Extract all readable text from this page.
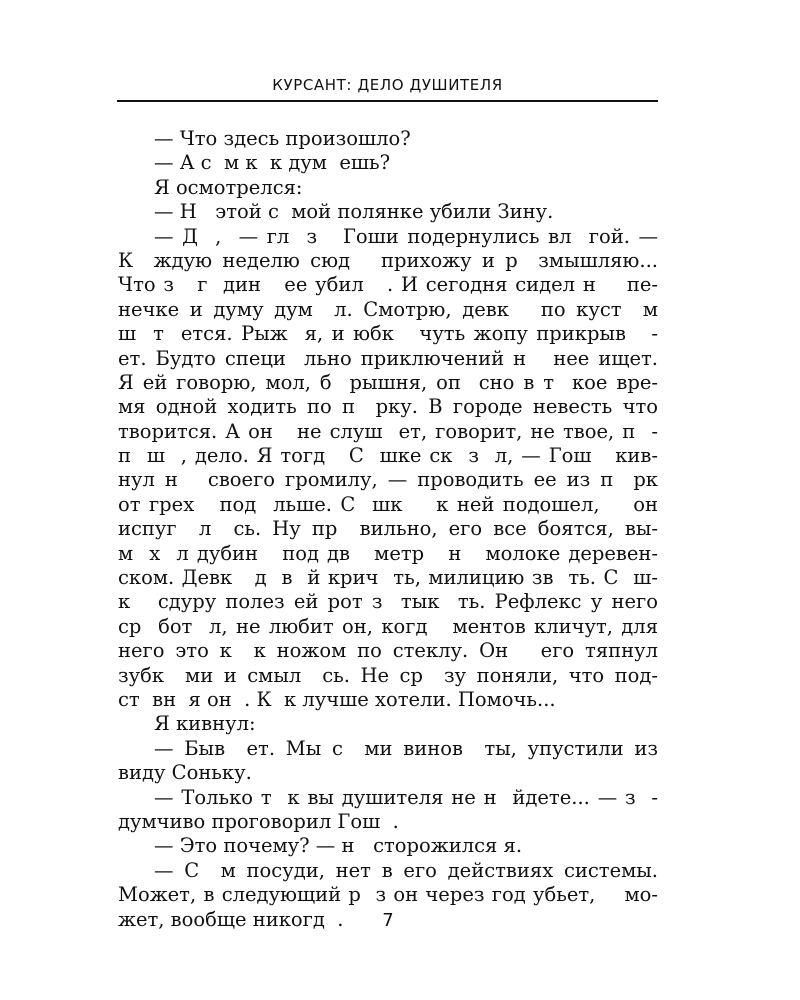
КУРСАНТ: ДЕЛО ДУШИТЕЛЯ
— Что здесь произошло?
— А с  м к  к дум  ешь?
Я осмотрелся:
— Н   этой с  мой полянке убили Зину.
— Д  ,  — гл  з   Гоши подернулись вл  гой. —
К  ждую неделю сюд   прихожу и р  змышляю...
Что з   г  дин   ее убил   . И сегодня сидел н    пе-
нечке и думу дум  л. Смотрю, девк   по куст  м
ш  т  ется. Рыж  я, и юбк   чуть жопу прикрыв   -
ет. Будто специ  льно приключений н   нее ищет.
Я ей говорю, мол, б  рышня, оп  сно в т  кое вре-
мя одной ходить по п  рку. В городе невесть что
творится. А он   не слуш  ет, говорит, не твое, п  -
п  ш  , дело. Я тогд   С  шке ск  з  л, — Гош   кив-
нул н   своего громилу, — проводить ее из п  рк
от грех   под  льше. С  шк    к ней подошел,    он
испуг  л  сь. Ну пр  вильно, его все боятся, вы-
м  х  л дубин   под дв   метр   н   молоке деревен-
ском. Девк   д  в  й крич  ть, милицию зв  ть. С  ш-
к   сдуру полез ей рот з  тык  ть. Рефлекс у него
ср  бот  л, не любит он, когд   ментов кличут, для
него это к  к ножом по стеклу. Он   его тяпнул
зубк  ми и смыл  сь. Не ср  зу поняли, что под-
ст  вн  я он  . К  к лучше хотели. Помочь...
Я кивнул:
— Быв  ет. Мы с  ми винов  ты, упустили из
виду Соньку.
— Только т  к вы душителя не н  йдете... — з  -
думчиво проговорил Гош  .
— Это почему? — н   сторожился я.
— С  м посуди, нет в его действиях системы.
Может, в следующий р  з он через год убьет,    мо-
жет, вообще никогд  .	7
